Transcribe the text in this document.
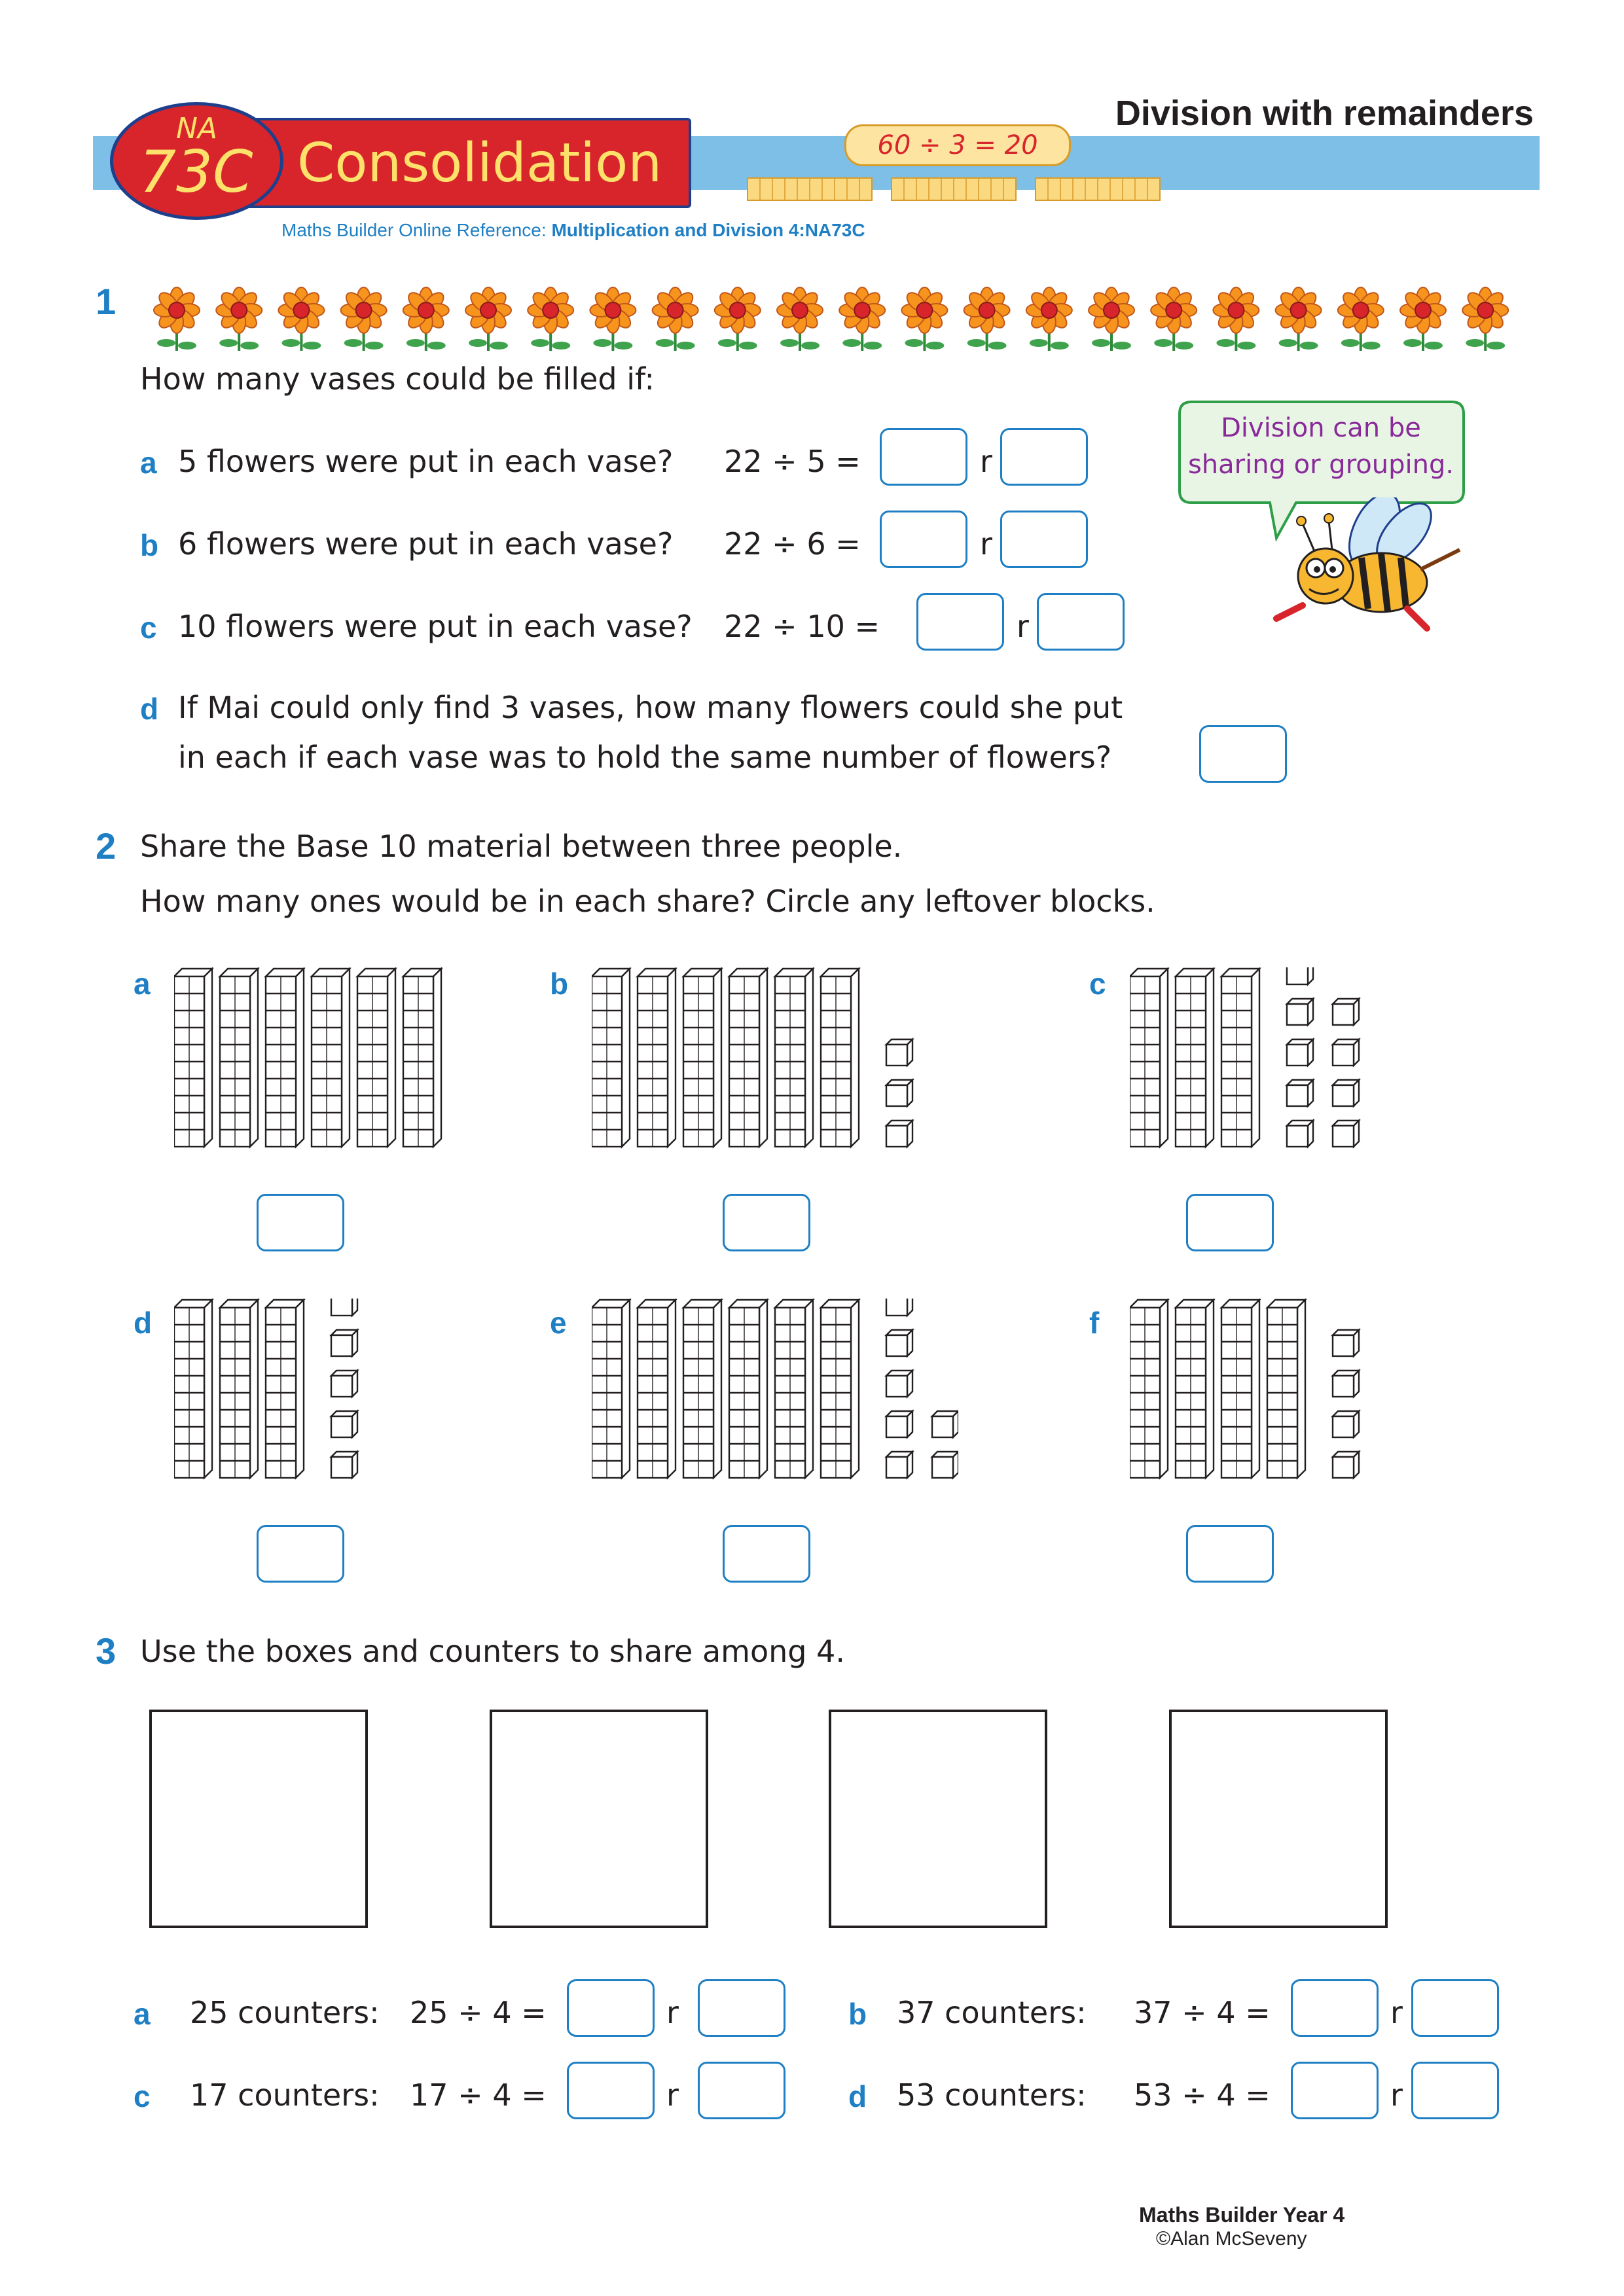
Consolidation
NA
73C	60 ÷ 3 = 20
Division with remainders
Maths Builder Online Reference: Multiplication and Division 4:NA73C
1
How many vases could be filled if:
a 5 flowers were put in each vase? 22 ÷ 5 =	r
b 6 flowers were put in each vase? 22 ÷ 6 =	r
c 10 flowers were put in each vase? 22 ÷ 10 =	r
d If Mai could only find 3 vases, how many flowers could she put
in each if each vase was to hold the same number of flowers?
Division can be
sharing or grouping.
2 Share the Base 10 material between three people.
How many ones would be in each share? Circle any leftover blocks.
a	b	c
d	e	f
3 Use the boxes and counters to share among 4.
a 25 counters: 25 ÷ 4 =	r	b 37 counters: 37 ÷ 4 =	r
c 17 counters: 17 ÷ 4 =	r	d 53 counters: 53 ÷ 4 =	r
Maths Builder Year 4
©Alan McSeveny
